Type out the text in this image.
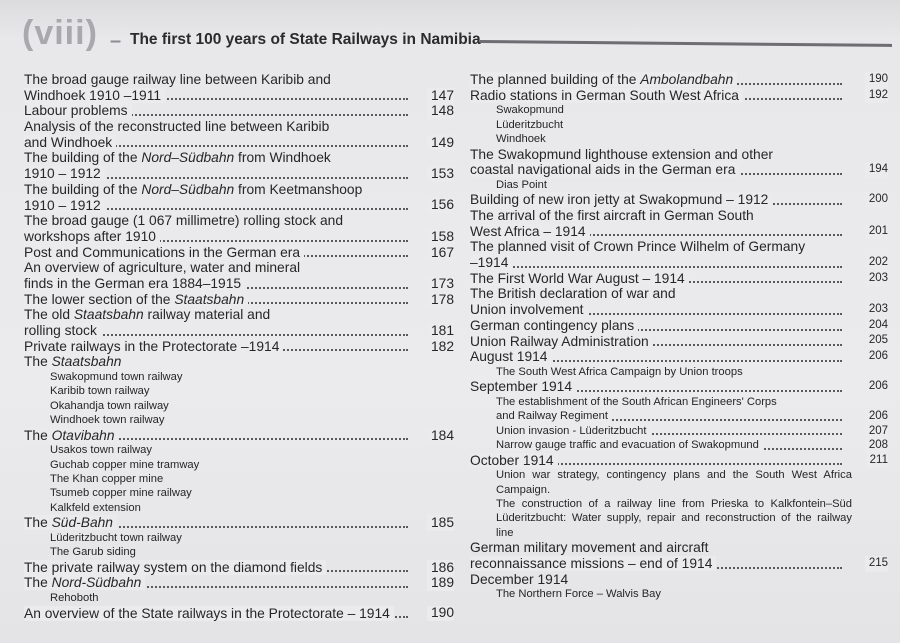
(viii) – The first 100 years of State Railways in Namibia
The broad gauge railway line between Karibib and
Windhoek 1910 –1911	147
Labour problems	148
Analysis of the reconstructed line between Karibib
and Windhoek	149
The building of the Nord–Südbahn from Windhoek
1910 – 1912	153
The building of the Nord–Südbahn from Keetmanshoop
1910 – 1912	156
The broad gauge (1 067 millimetre) rolling stock and
workshops after 1910	158
Post and Communications in the German era	167
An overview of agriculture, water and mineral
finds in the German era 1884–1915	173
The lower section of the Staatsbahn	178
The old Staatsbahn railway material and
rolling stock	181
Private railways in the Protectorate –1914	182
The Staatsbahn
Swakopmund town railway
Karibib town railway
Okahandja town railway
Windhoek town railway
The Otavibahn	184
Usakos town railway
Guchab copper mine tramway
The Khan copper mine
Tsumeb copper mine railway
Kalkfeld extension
The Süd-Bahn	185
Lüderitzbucht town railway
The Garub siding
The private railway system on the diamond fields	186
The Nord-Südbahn	189
Rehoboth
An overview of the State railways in the Protectorate – 1914	190
The planned building of the Ambolandbahn	190
Radio stations in German South West Africa	192
Swakopmund
Lüderitzbucht
Windhoek
The Swakopmund lighthouse extension and other
coastal navigational aids in the German era	194
Dias Point
Building of new iron jetty at Swakopmund – 1912	200
The arrival of the first aircraft in German South
West Africa – 1914	201
The planned visit of Crown Prince Wilhelm of Germany
–1914	202
The First World War August – 1914	203
The British declaration of war and
Union involvement	203
German contingency plans	204
Union Railway Administration	205
August 1914	206
The South West Africa Campaign by Union troops
September 1914	206
The establishment of the South African Engineers' Corps
and Railway Regiment	206
Union invasion - Lüderitzbucht	207
Narrow gauge traffic and evacuation of Swakopmund	208
October 1914	211
Union war strategy, contingency plans and the South West Africa Campaign.
The construction of a railway line from Prieska to Kalkfontein–Süd Lüderitzbucht: Water supply, repair and reconstruction of the railway line
German military movement and aircraft
reconnaissance missions – end of 1914	215
December 1914
The Northern Force – Walvis Bay
